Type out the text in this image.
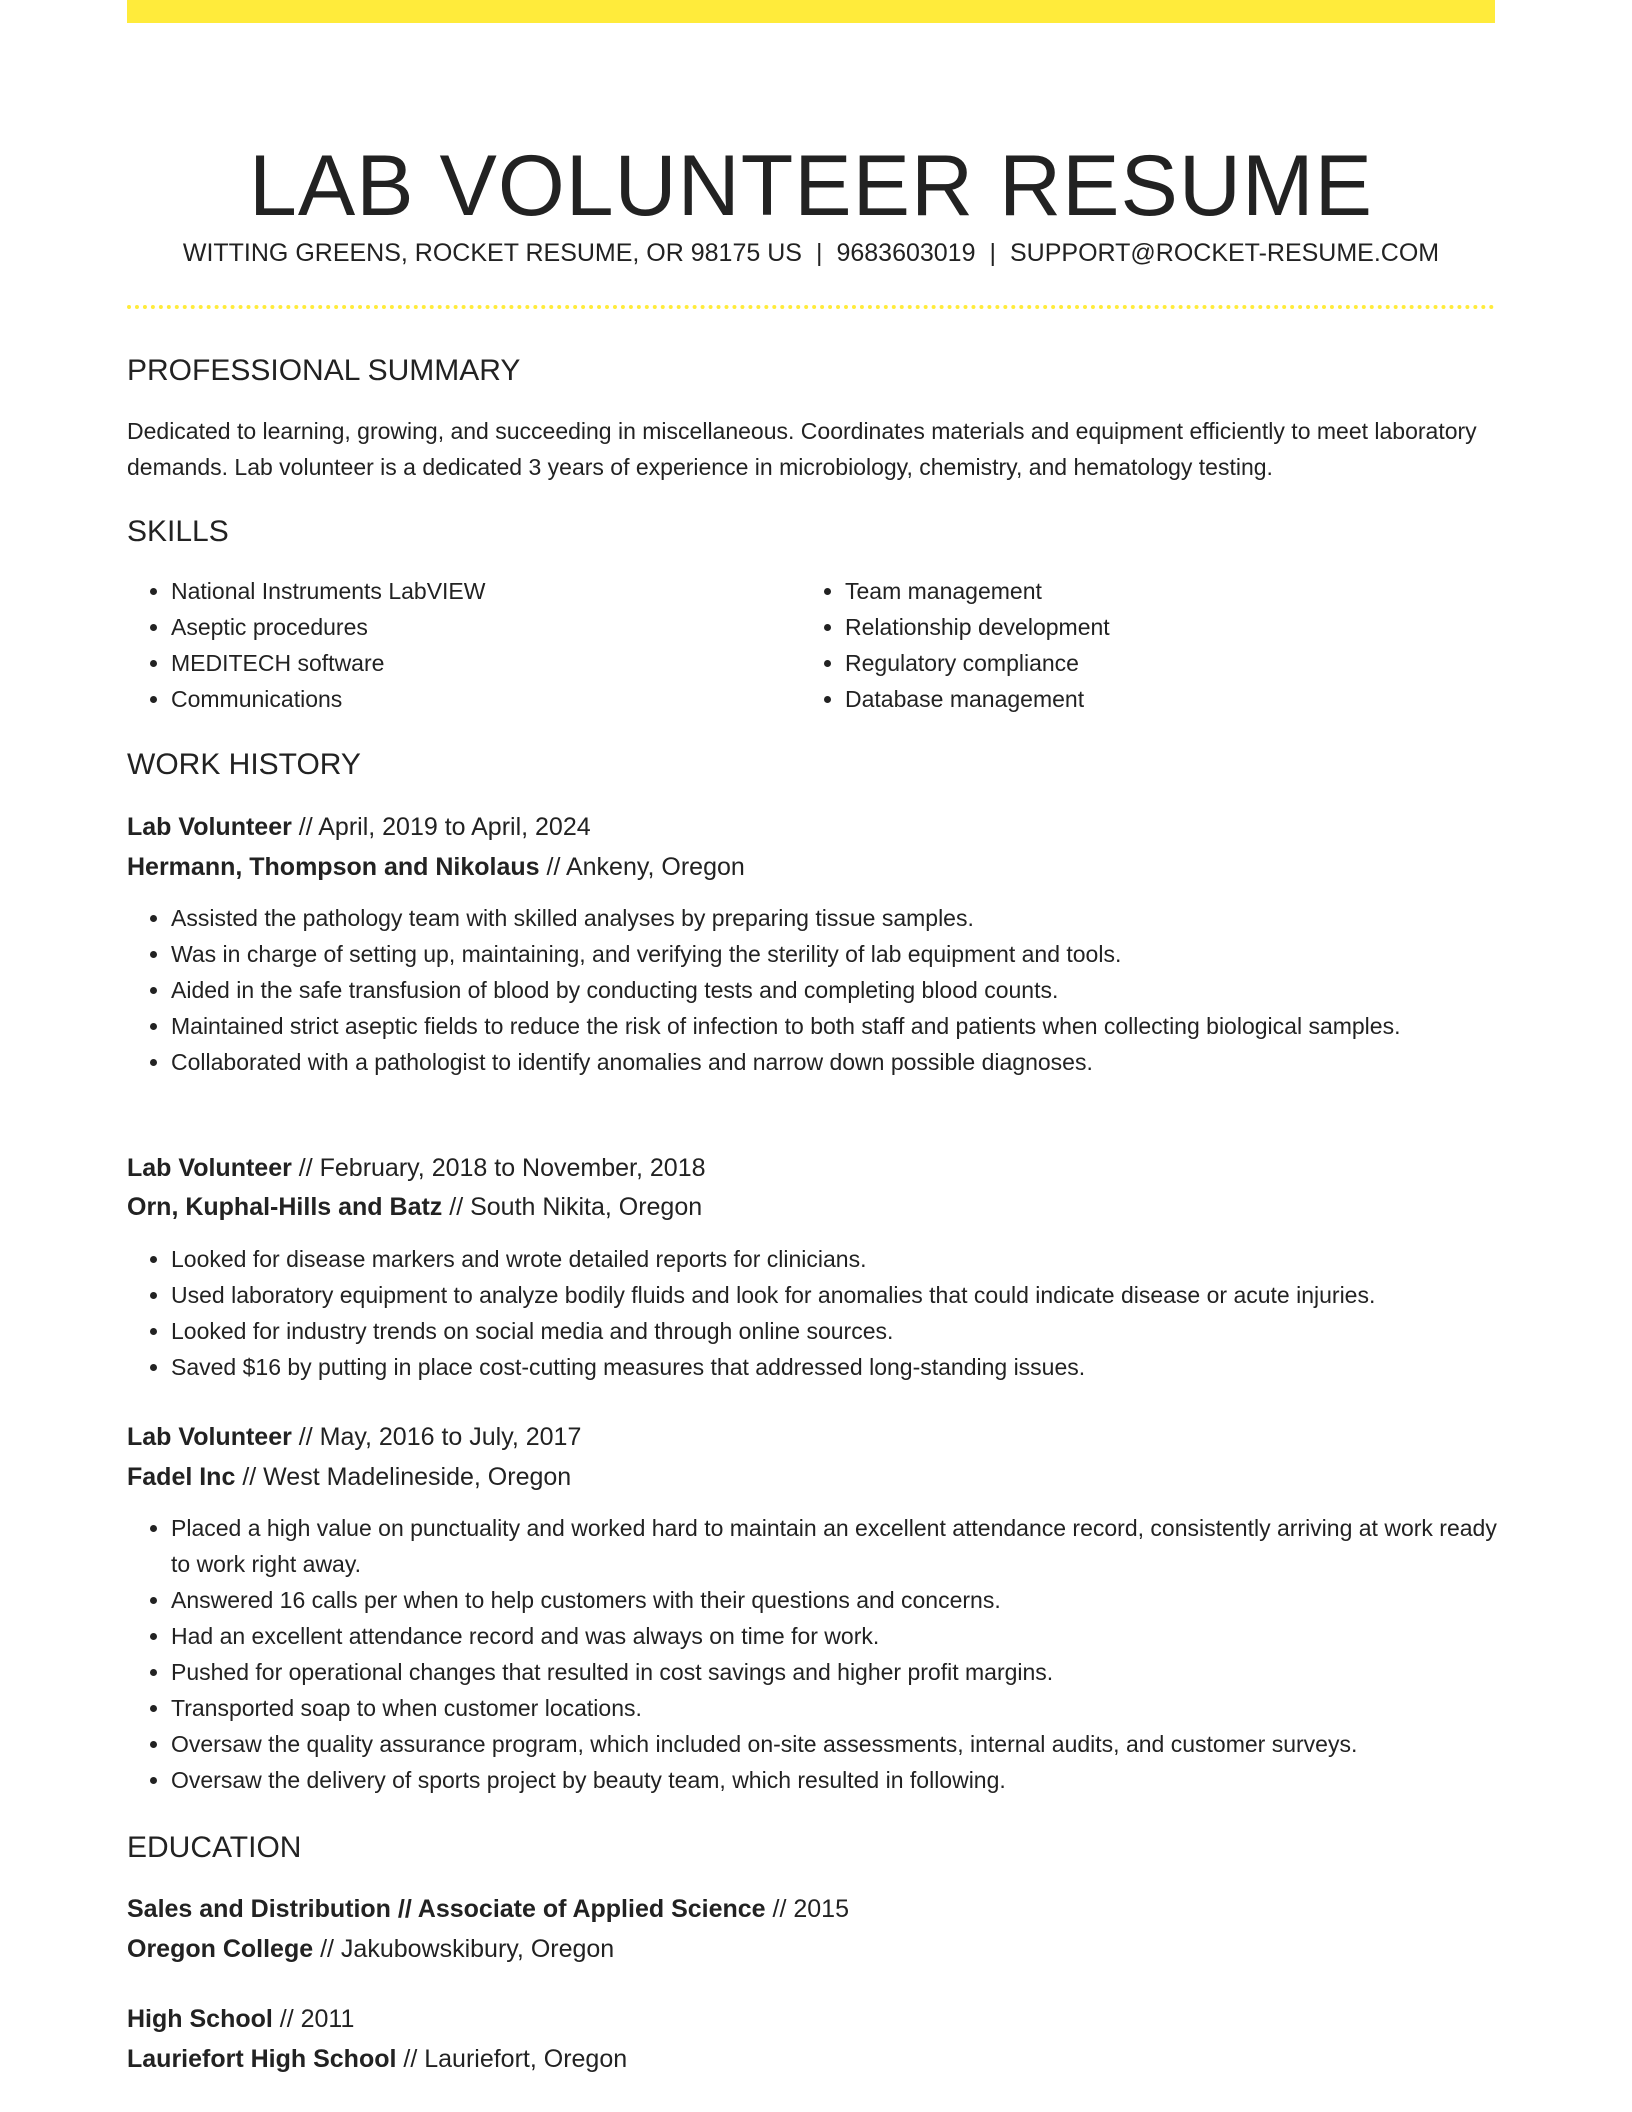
LAB VOLUNTEER RESUME
WITTING GREENS, ROCKET RESUME, OR 98175 US | 9683603019 | SUPPORT@ROCKET-RESUME.COM
PROFESSIONAL SUMMARY

Dedicated to learning, growing, and succeeding in miscellaneous. Coordinates materials and equipment efficiently to meet laboratory demands. Lab volunteer is a dedicated 3 years of experience in microbiology, chemistry, and hematology testing.

SKILLS
• National Instruments LabVIEW
• Aseptic procedures
• MEDITECH software
• Communications
• Team management
• Relationship development
• Regulatory compliance
• Database management
WORK HISTORY
Lab Volunteer // April, 2019 to April, 2024
Hermann, Thompson and Nikolaus // Ankeny, Oregon
• Assisted the pathology team with skilled analyses by preparing tissue samples.
• Was in charge of setting up, maintaining, and verifying the sterility of lab equipment and tools.
• Aided in the safe transfusion of blood by conducting tests and completing blood counts.
• Maintained strict aseptic fields to reduce the risk of infection to both staff and patients when collecting biological samples.
• Collaborated with a pathologist to identify anomalies and narrow down possible diagnoses.
Lab Volunteer // February, 2018 to November, 2018
Orn, Kuphal-Hills and Batz // South Nikita, Oregon
• Looked for disease markers and wrote detailed reports for clinicians.
• Used laboratory equipment to analyze bodily fluids and look for anomalies that could indicate disease or acute injuries.
• Looked for industry trends on social media and through online sources.
• Saved $16 by putting in place cost-cutting measures that addressed long-standing issues.
Lab Volunteer // May, 2016 to July, 2017
Fadel Inc // West Madelineside, Oregon
• Placed a high value on punctuality and worked hard to maintain an excellent attendance record, consistently arriving at work ready to work right away.
• Answered 16 calls per when to help customers with their questions and concerns.
• Had an excellent attendance record and was always on time for work.
• Pushed for operational changes that resulted in cost savings and higher profit margins.
• Transported soap to when customer locations.
• Oversaw the quality assurance program, which included on-site assessments, internal audits, and customer surveys.
• Oversaw the delivery of sports project by beauty team, which resulted in following.
EDUCATION
Sales and Distribution // Associate of Applied Science // 2015
Oregon College // Jakubowskibury, Oregon
High School // 2011
Lauriefort High School // Lauriefort, Oregon
